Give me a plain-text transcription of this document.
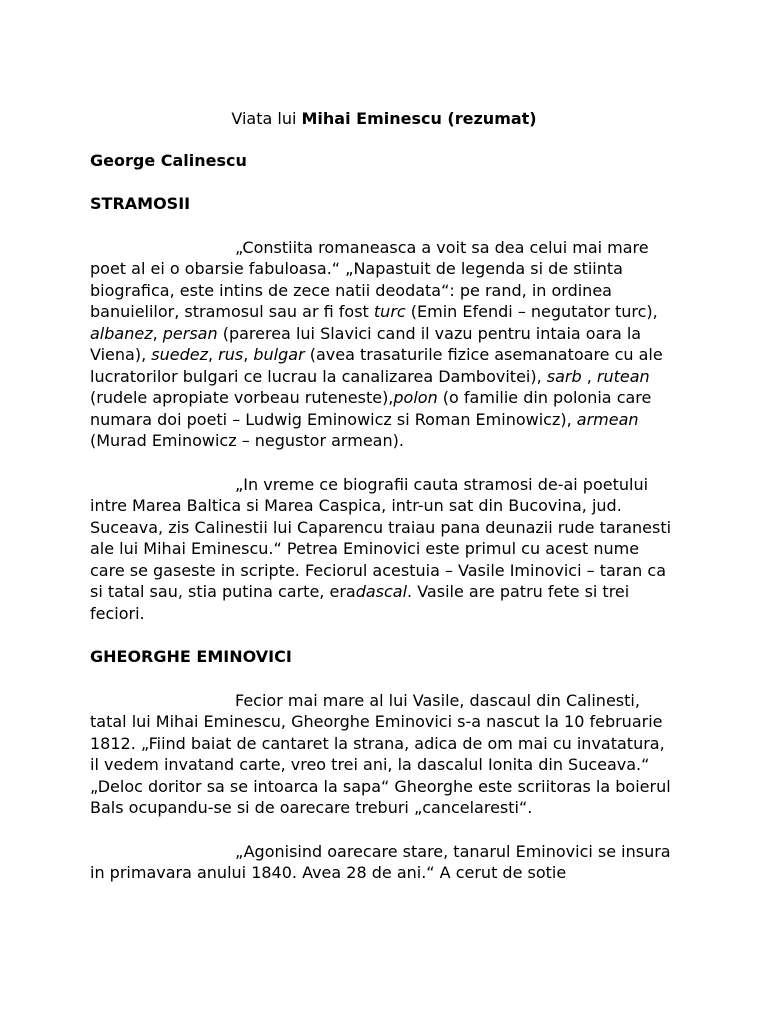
Viata lui Mihai Eminescu (rezumat)
George Calinescu
STRAMOSII
„Constiita romaneasca a voit sa dea celui mai mare poet al ei o obarsie fabuloasa.“ „Napastuit de legenda si de stiinta biografica, este intins de zece natii deodata“: pe rand, in ordinea banuielilor, stramosul sau ar fi fost turc (Emin Efendi – negutator turc), albanez, persan (parerea lui Slavici cand il vazu pentru intaia oara la Viena), suedez, rus, bulgar (avea trasaturile fizice asemanatoare cu ale lucratorilor bulgari ce lucrau la canalizarea Dambovitei), sarb , rutean (rudele apropiate vorbeau ruteneste),polon (o familie din polonia care numara doi poeti – Ludwig Eminowicz si Roman Eminowicz), armean (Murad Eminowicz – negustor armean).
„In vreme ce biografii cauta stramosi de-ai poetului intre Marea Baltica si Marea Caspica, intr-un sat din Bucovina, jud. Suceava, zis Calinestii lui Caparencu traiau pana deunazii rude taranesti ale lui Mihai Eminescu.“ Petrea Eminovici este primul cu acest nume care se gaseste in scripte. Feciorul acestuia – Vasile Iminovici – taran ca si tatal sau, stia putina carte, eradascal. Vasile are patru fete si trei feciori.
GHEORGHE EMINOVICI
Fecior mai mare al lui Vasile, dascaul din Calinesti, tatal lui Mihai Eminescu, Gheorghe Eminovici s-a nascut la 10 februarie 1812. „Fiind baiat de cantaret la strana, adica de om mai cu invatatura, il vedem invatand carte, vreo trei ani, la dascalul Ionita din Suceava.“ „Deloc doritor sa se intoarca la sapa“ Gheorghe este scriitoras la boierul Bals ocupandu-se si de oarecare treburi „cancelaresti“.
„Agonisind oarecare stare, tanarul Eminovici se insura in primavara anului 1840. Avea 28 de ani.“ A cerut de sotie
